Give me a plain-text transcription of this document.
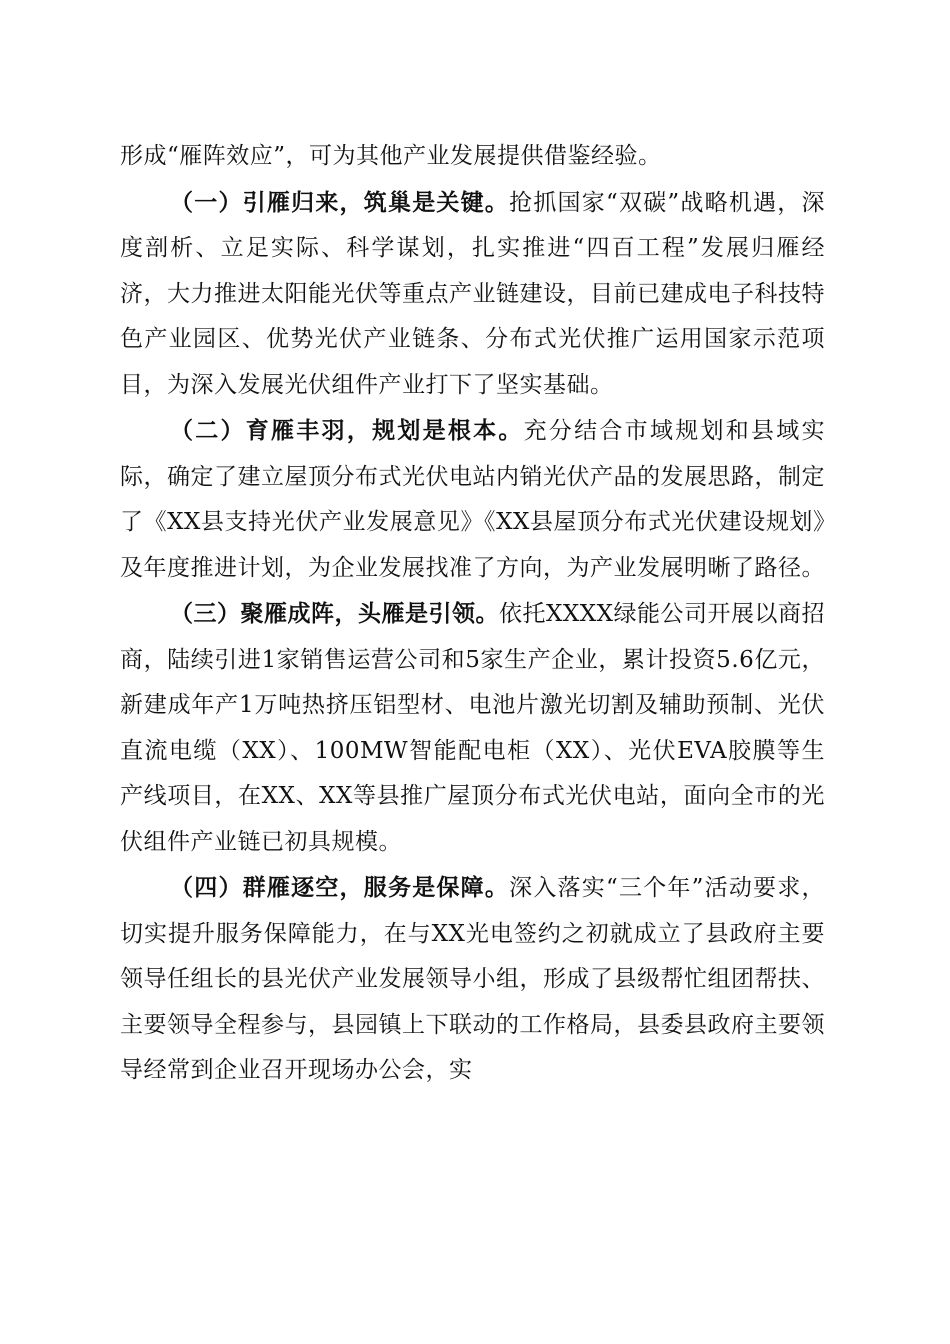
形成“雁阵效应”，可为其他产业发展提供借鉴经验。

（一）引雁归来，筑巢是关键。抢抓国家“双碳”战略机遇，深度剖析、立足实际、科学谋划，扎实推进“四百工程”发展归雁经济，大力推进太阳能光伏等重点产业链建设，目前已建成电子科技特色产业园区、优势光伏产业链条、分布式光伏推广运用国家示范项目，为深入发展光伏组件产业打下了坚实基础。

（二）育雁丰羽，规划是根本。充分结合市域规划和县域实际，确定了建立屋顶分布式光伏电站内销光伏产品的发展思路，制定了《XX县支持光伏产业发展意见》《XX县屋顶分布式光伏建设规划》及年度推进计划，为企业发展找准了方向，为产业发展明晰了路径。

（三）聚雁成阵，头雁是引领。依托XXXX绿能公司开展以商招商，陆续引进1家销售运营公司和5家生产企业，累计投资5.6亿元，新建成年产1万吨热挤压铝型材、电池片激光切割及辅助预制、光伏直流电缆（XX）、100MW智能配电柜（XX）、光伏EVA胶膜等生产线项目，在XX、XX等县推广屋顶分布式光伏电站，面向全市的光伏组件产业链已初具规模。

（四）群雁逐空，服务是保障。深入落实“三个年”活动要求，切实提升服务保障能力，在与XX光电签约之初就成立了县政府主要领导任组长的县光伏产业发展领导小组，形成了县级帮忙组团帮扶、主要领导全程参与，县园镇上下联动的工作格局，县委县政府主要领导经常到企业召开现场办公会，实
